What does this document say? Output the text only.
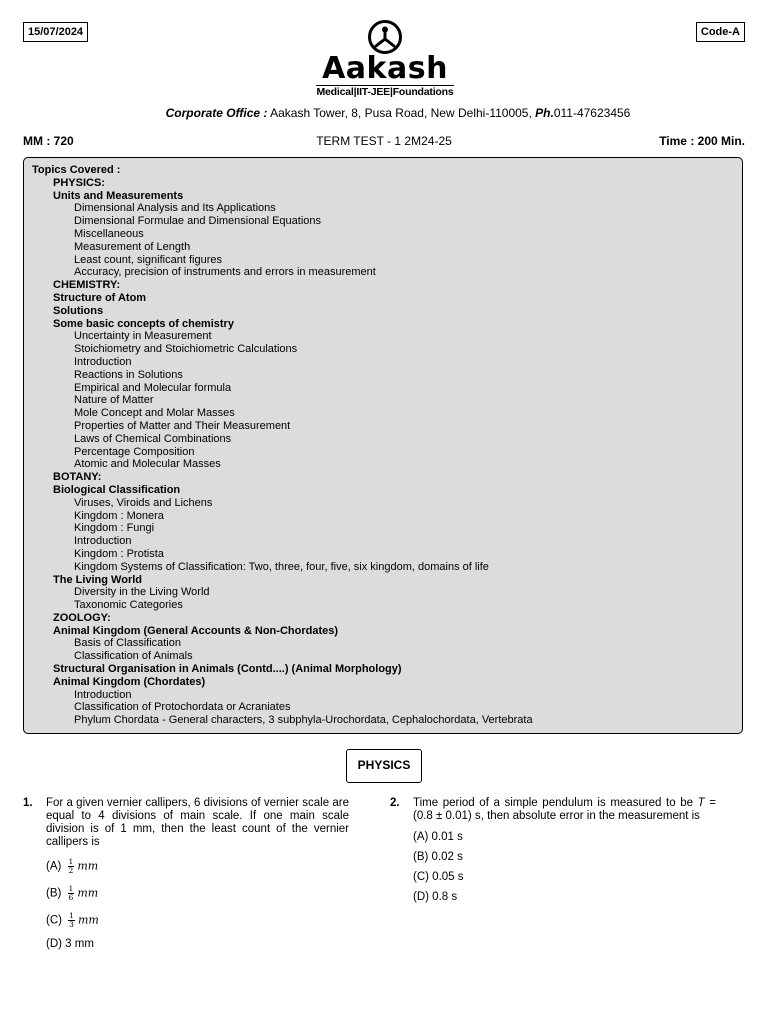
15/07/2024	Code-A
Aakash
Medical|IIT-JEE|Foundations
Corporate Office : Aakash Tower, 8, Pusa Road, New Delhi-110005, Ph.011-47623456
MM : 720	TERM TEST - 1 2M24-25	Time : 200 Min.
Topics Covered :
PHYSICS:
Units and Measurements
Dimensional Analysis and Its Applications
Dimensional Formulae and Dimensional Equations
Miscellaneous
Measurement of Length
Least count, significant figures
Accuracy, precision of instruments and errors in measurement
CHEMISTRY:
Structure of Atom
Solutions
Some basic concepts of chemistry
Uncertainty in Measurement
Stoichiometry and Stoichiometric Calculations
Introduction
Reactions in Solutions
Empirical and Molecular formula
Nature of Matter
Mole Concept and Molar Masses
Properties of Matter and Their Measurement
Laws of Chemical Combinations
Percentage Composition
Atomic and Molecular Masses
BOTANY:
Biological Classification
Viruses, Viroids and Lichens
Kingdom : Monera
Kingdom : Fungi
Introduction
Kingdom : Protista
Kingdom Systems of Classification: Two, three, four, five, six kingdom, domains of life
The Living World
Diversity in the Living World
Taxonomic Categories
ZOOLOGY:
Animal Kingdom (General Accounts & Non-Chordates)
Basis of Classification
Classification of Animals
Structural Organisation in Animals (Contd....) (Animal Morphology)
Animal Kingdom (Chordates)
Introduction
Classification of Protochordata or Acraniates
Phylum Chordata - General characters, 3 subphyla-Urochordata, Cephalochordata, Vertebrata
PHYSICS
1. For a given vernier callipers, 6 divisions of vernier scale are equal to 4 divisions of main scale. If one main scale division is of 1 mm, then the least count of the vernier callipers is
$(A) \frac{1}{2}$ mm
$(B) \frac{1}{6}$ mm
$(C) \frac{1}{3}$ mm
(D) 3 mm
2. Time period of a simple pendulum is measured to be T = (0.8 ± 0.01) s, then absolute error in the measurement is
(A) 0.01 s
(B) 0.02 s
(C) 0.05 s
(D) 0.8 s
